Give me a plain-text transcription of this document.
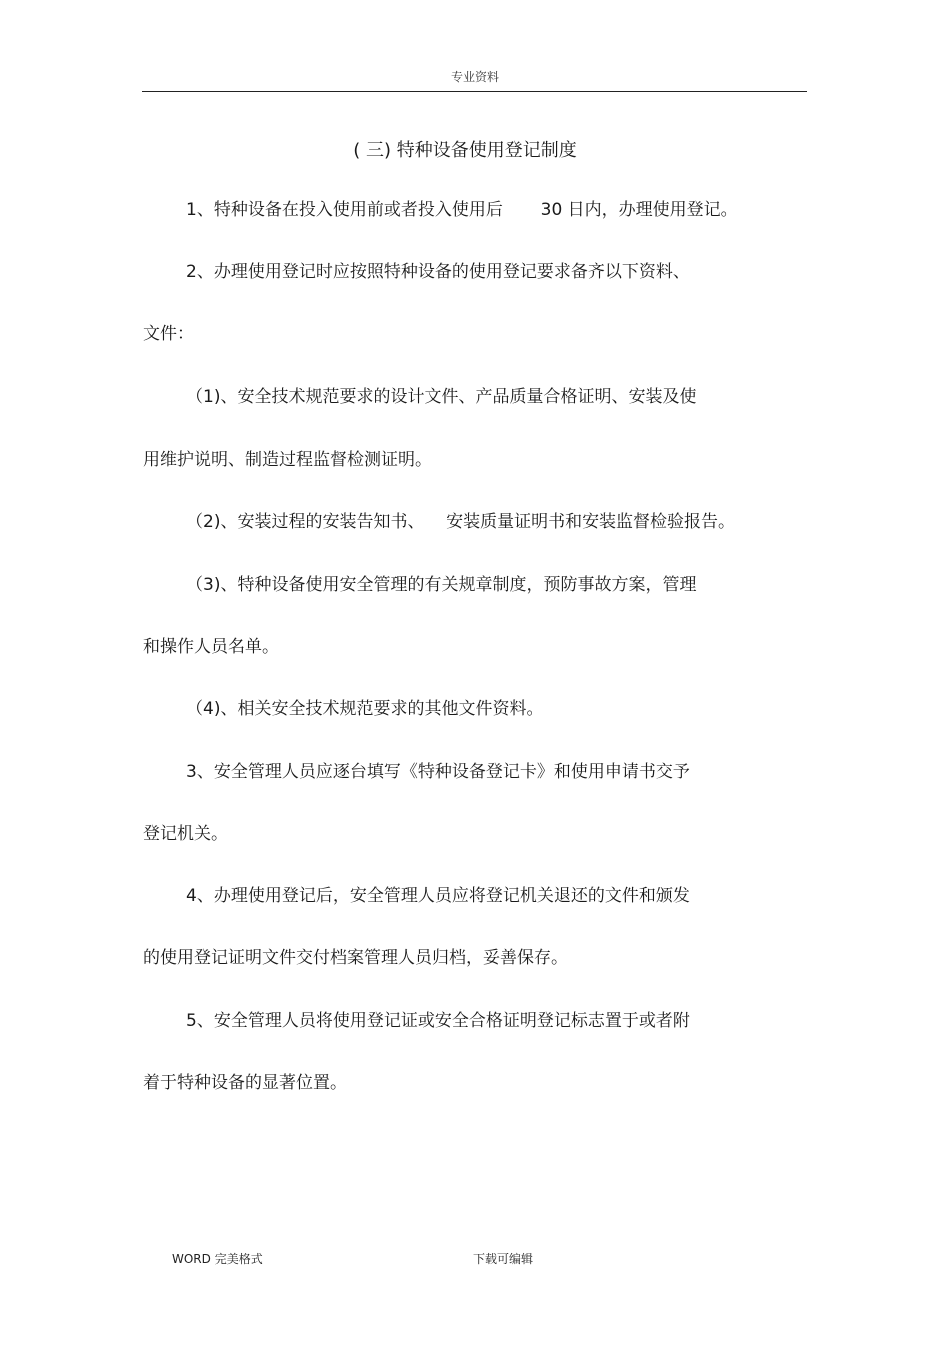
专业资料
( 三) 特种设备使用登记制度
1、特种设备在投入使用前或者投入使用后       30 日内，办理使用登记。
2、办理使用登记时应按照特种设备的使用登记要求备齐以下资料、
文件：
（1)、安全技术规范要求的设计文件、产品质量合格证明、安装及使
用维护说明、制造过程监督检测证明。
（2)、安装过程的安装告知书、    安装质量证明书和安装监督检验报告。
（3)、特种设备使用安全管理的有关规章制度，预防事故方案，管理
和操作人员名单。
（4)、相关安全技术规范要求的其他文件资料。
3、安全管理人员应逐台填写《特种设备登记卡》和使用申请书交予
登记机关。
4、办理使用登记后，安全管理人员应将登记机关退还的文件和颁发
的使用登记证明文件交付档案管理人员归档，妥善保存。
5、安全管理人员将使用登记证或安全合格证明登记标志置于或者附
着于特种设备的显著位置。
WORD 完美格式	下载可编辑
